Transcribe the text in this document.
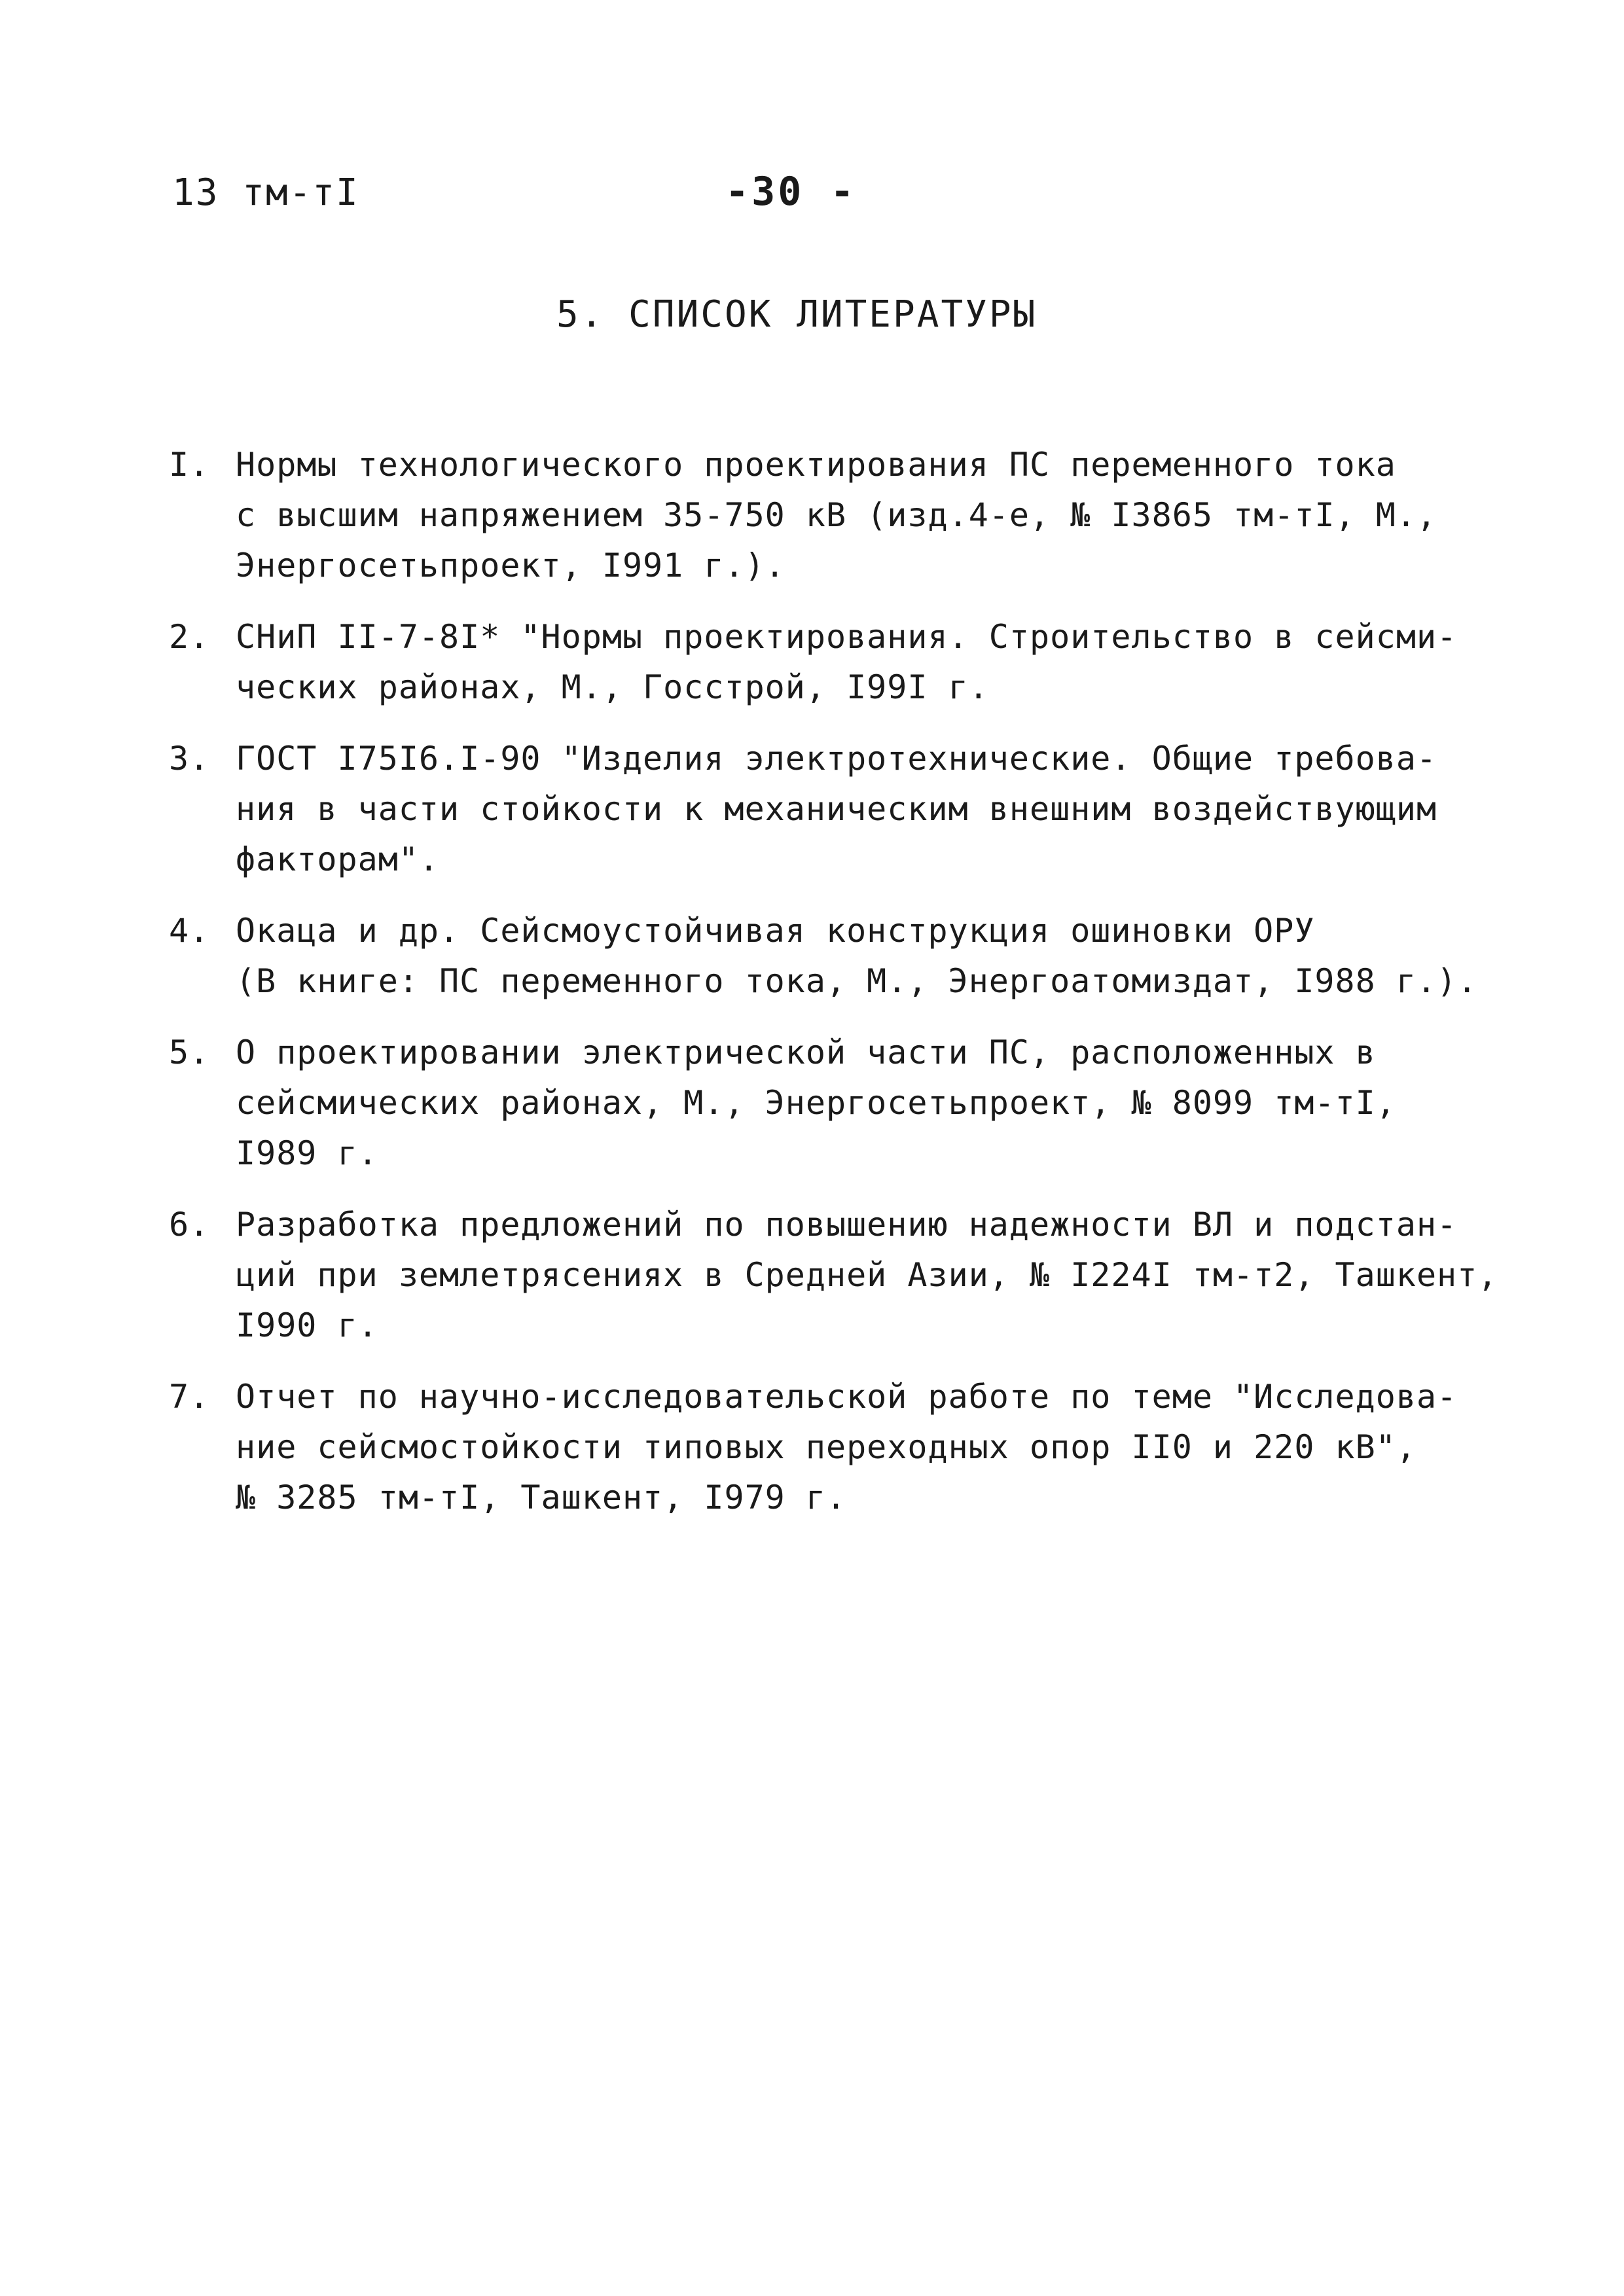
13 тм-тI	-30 -
5. СПИСОК ЛИТЕРАТУРЫ
I. Нормы технологического проектирования ПС переменного тока
с высшим напряжением 35-750 кВ (изд.4-е, № I3865 тм-тI, М.,
Энергосетьпроект, I991 г.).
2. СНиП II-7-8I* "Нормы проектирования. Строительство в сейсми-
ческих районах, М., Госстрой, I99I г.
3. ГОСТ I75I6.I-90 "Изделия электротехнические. Общие требова-
ния в части стойкости к механическим внешним воздействующим
факторам".
4. Окаца и др. Сейсмоустойчивая конструкция ошиновки ОРУ
(В книге: ПС переменного тока, М., Энергоатомиздат, I988 г.).
5. О проектировании электрической части ПС, расположенных в
сейсмических районах, М., Энергосетьпроект, № 8099 тм-тI,
I989 г.
6. Разработка предложений по повышению надежности ВЛ и подстан-
ций при землетрясениях в Средней Азии, № I224I тм-т2, Ташкент,
I990 г.
7. Отчет по научно-исследовательской работе по теме "Исследова-
ние сейсмостойкости типовых переходных опор II0 и 220 кВ",
№ 3285 тм-тI, Ташкент, I979 г.
